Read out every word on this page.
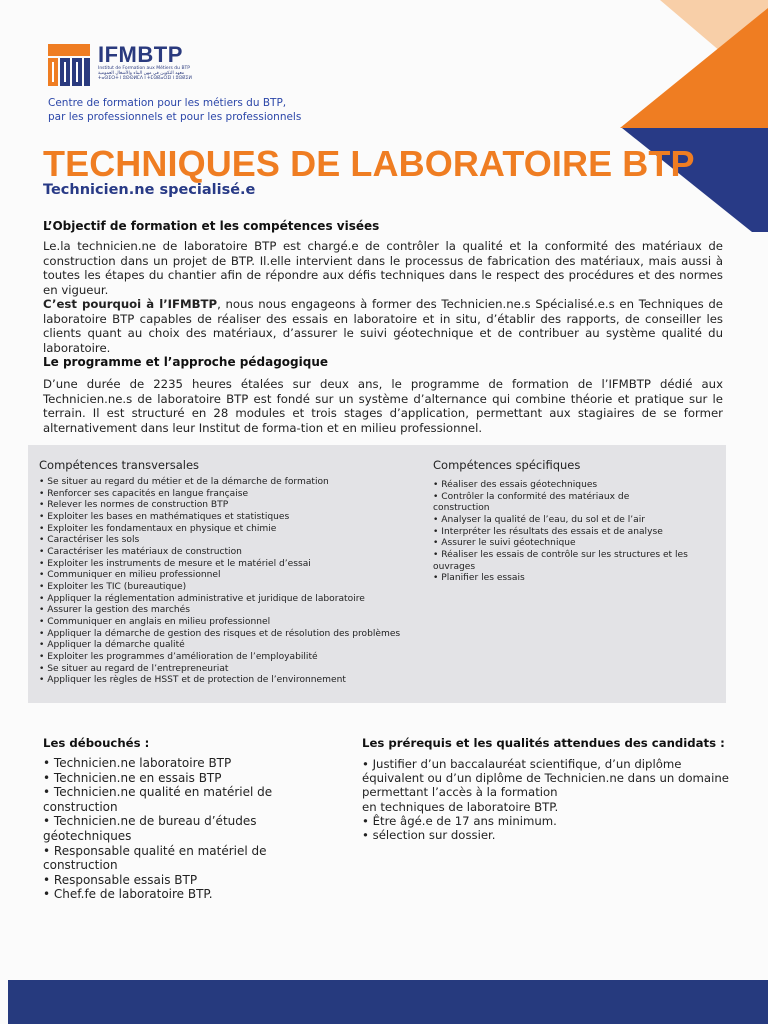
IFMBTP
Institut de Formation aux Métiers du BTP
معهد التكوين في مهن البناء والأشغال العمومية
ⵜⴰⵙⵉⵔⵜ ⵏ ⵓⵙⵙⵍⵎⴷ ⵏ ⵜⵎⵙⴽⴰⵔⵉⵏ ⵏ ⵓⵙⴽⵉⵍ
Centre de formation pour les métiers du BTP,
par les professionnels et pour les professionnels
TECHNIQUES DE LABORATOIRE BTP
Technicien.ne specialisé.e
L’Objectif de formation et les compétences visées

Le.la technicien.ne de laboratoire BTP est chargé.e de contrôler la qualité et la conformité des matériaux de construction dans un projet de BTP. Il.elle intervient dans le processus de fabrication des matériaux, mais aussi à toutes les étapes du chantier afin de répondre aux défis techniques dans le respect des procédures et des normes en vigueur.

C’est pourquoi à l’IFMBTP, nous nous engageons à former des Technicien.ne.s Spécialisé.e.s en Techniques de laboratoire BTP capables de réaliser des essais en laboratoire et in situ, d’établir des rapports, de conseiller les clients quant au choix des matériaux, d’assurer le suivi géotechnique et de contribuer au système qualité du laboratoire.

Le programme et l’approche pédagogique

D’une durée de 2235 heures étalées sur deux ans, le programme de formation de l’IFMBTP dédié aux Technicien.ne.s de laboratoire BTP est fondé sur un système d’alternance qui combine théorie et pratique sur le terrain. Il est structuré en 28 modules et trois stages d’application, permettant aux stagiaires de se former alternativement dans leur Institut de forma-tion et en milieu professionnel.

Compétences transversales
• Se situer au regard du métier et de la démarche de formation
• Renforcer ses capacités en langue française
• Relever les normes de construction BTP
• Exploiter les bases en mathématiques et statistiques
• Exploiter les fondamentaux en physique et chimie
• Caractériser les sols
• Caractériser les matériaux de construction
• Exploiter les instruments de mesure et le matériel d’essai
• Communiquer en milieu professionnel
• Exploiter les TIC (bureautique)
• Appliquer la réglementation administrative et juridique de laboratoire
• Assurer la gestion des marchés
• Communiquer en anglais en milieu professionnel
• Appliquer la démarche de gestion des risques et de résolution des problèmes
• Appliquer la démarche qualité
• Exploiter les programmes d’amélioration de l’employabilité
• Se situer au regard de l’entrepreneuriat
• Appliquer les règles de HSST et de protection de l’environnement
Compétences spécifiques
• Réaliser des essais géotechniques
• Contrôler la conformité des matériaux de construction
• Analyser la qualité de l’eau, du sol et de l’air
• Interpréter les résultats des essais et de analyse
• Assurer le suivi géotechnique
• Réaliser les essais de contrôle sur les structures et les ouvrages
• Planifier les essais
Les débouchés :
• Technicien.ne laboratoire BTP
• Technicien.ne en essais BTP
• Technicien.ne qualité en matériel de construction
• Technicien.ne de bureau d’études géotechniques
• Responsable qualité en matériel de construction
• Responsable essais BTP
• Chef.fe de laboratoire BTP.
Les prérequis et les qualités attendues des candidats :
• Justifier d’un baccalauréat scientifique, d’un diplôme équivalent ou d’un diplôme de Technicien.ne dans un domaine permettant l’accès à la formation
en techniques de laboratoire BTP.
• Être âgé.e de 17 ans minimum.
• sélection sur dossier.
